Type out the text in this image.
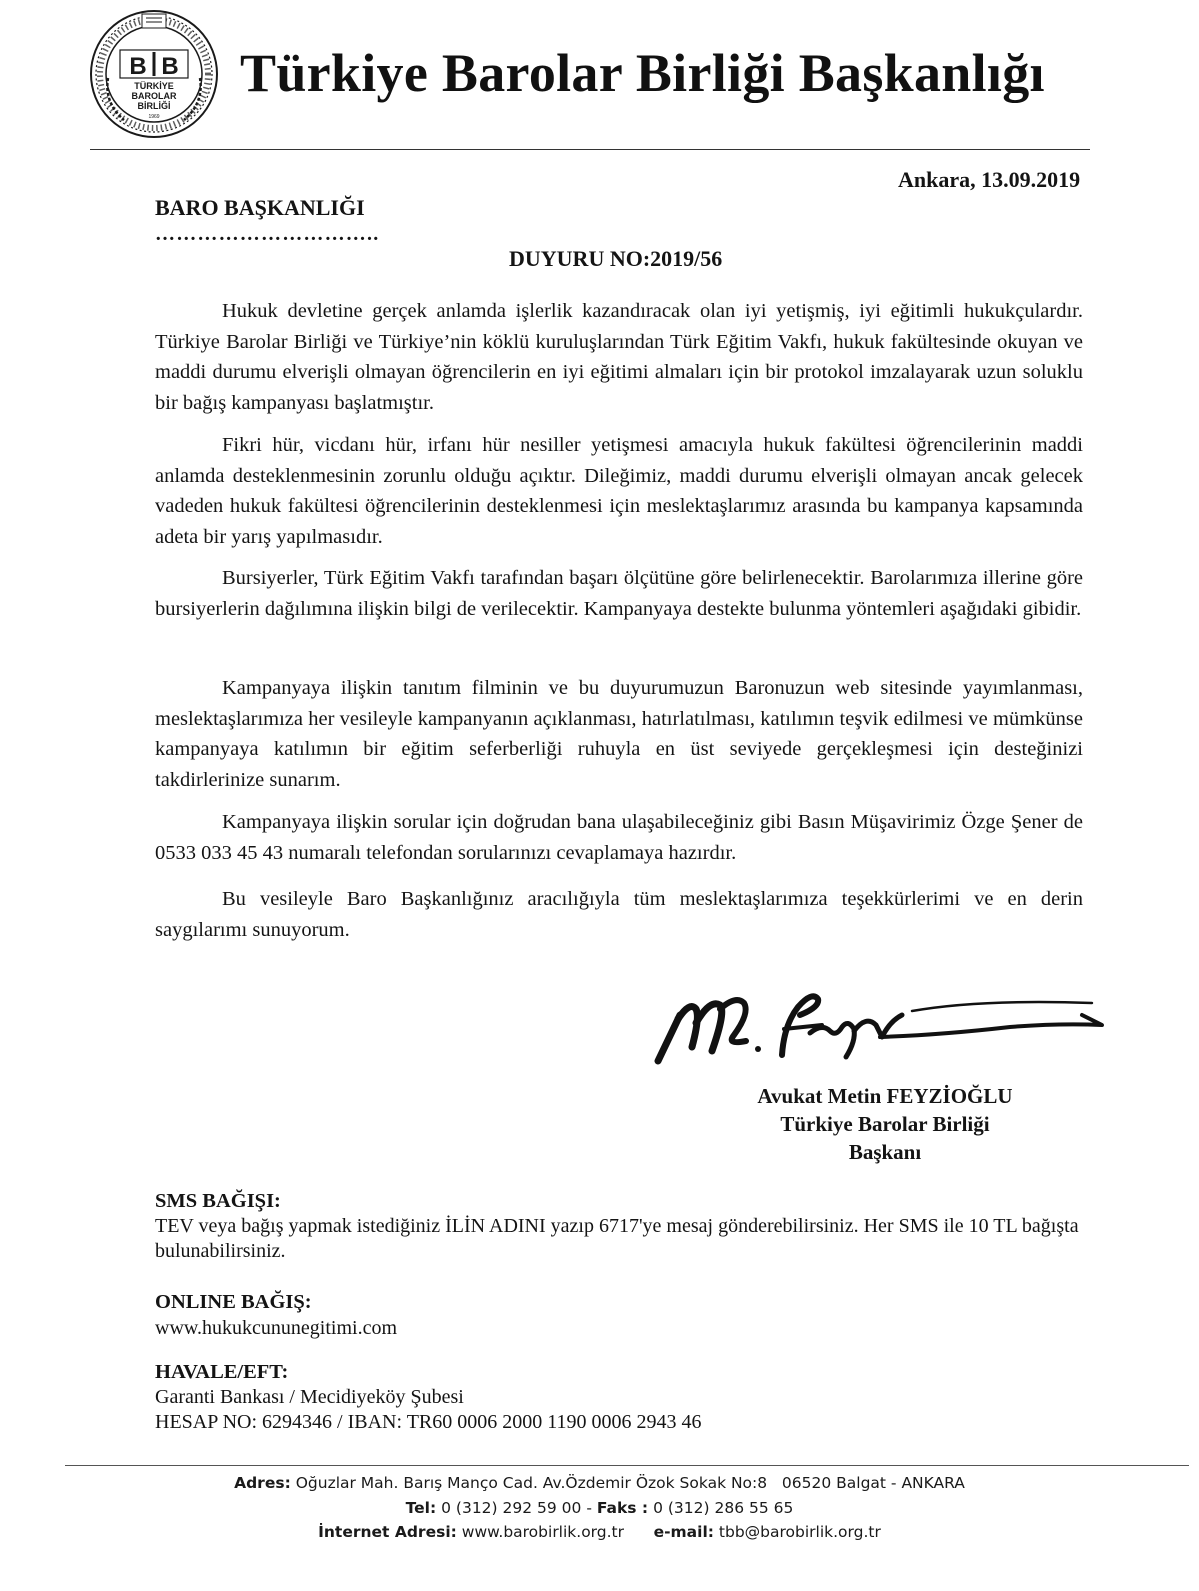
B B
TÜRKİYE
BAROLAR
BİRLİĞİ
1969
Türkiye Barolar Birliği Başkanlığı
Ankara, 13.09.2019
BARO BAŞKANLIĞI
…………………………..
DUYURU NO:2019/56

Hukuk devletine gerçek anlamda işlerlik kazandıracak olan iyi yetişmiş, iyi eğitimli hukukçulardır. Türkiye Barolar Birliği ve Türkiye’nin köklü kuruluşlarından Türk Eğitim Vakfı, hukuk fakültesinde okuyan ve maddi durumu elverişli olmayan öğrencilerin en iyi eğitimi almaları için bir protokol imzalayarak uzun soluklu bir bağış kampanyası başlatmıştır.

Fikri hür, vicdanı hür, irfanı hür nesiller yetişmesi amacıyla hukuk fakültesi öğrencilerinin maddi anlamda desteklenmesinin zorunlu olduğu açıktır. Dileğimiz, maddi durumu elverişli olmayan ancak gelecek vadeden hukuk fakültesi öğrencilerinin desteklenmesi için meslektaşlarımız arasında bu kampanya kapsamında adeta bir yarış yapılmasıdır.

Bursiyerler, Türk Eğitim Vakfı tarafından başarı ölçütüne göre belirlenecektir. Barolarımıza illerine göre bursiyerlerin dağılımına ilişkin bilgi de verilecektir. Kampanyaya destekte bulunma yöntemleri aşağıdaki gibidir.

Kampanyaya ilişkin tanıtım filminin ve bu duyurumuzun Baronuzun web sitesinde yayımlanması, meslektaşlarımıza her vesileyle kampanyanın açıklanması, hatırlatılması, katılımın teşvik edilmesi ve mümkünse kampanyaya katılımın bir eğitim seferberliği ruhuyla en üst seviyede gerçekleşmesi için desteğinizi takdirlerinize sunarım.

Kampanyaya ilişkin sorular için doğrudan bana ulaşabileceğiniz gibi Basın Müşavirimiz Özge Şener de 0533 033 45 43 numaralı telefondan sorularınızı cevaplamaya hazırdır.

Bu vesileyle Baro Başkanlığınız aracılığıyla tüm meslektaşlarımıza teşekkürlerimi ve en derin saygılarımı sunuyorum.

Avukat Metin FEYZİOĞLU
Türkiye Barolar Birliği
Başkanı
SMS BAĞIŞI:
TEV veya bağış yapmak istediğiniz İLİN ADINI yazıp 6717'ye mesaj gönderebilirsiniz. Her SMS ile 10 TL bağışta bulunabilirsiniz.
ONLINE BAĞIŞ:
www.hukukcununegitimi.com
HAVALE/EFT:
Garanti Bankası / Mecidiyeköy Şubesi
HESAP NO: 6294346 / IBAN: TR60 0006 2000 1190 0006 2943 46
Adres: Oğuzlar Mah. Barış Manço Cad. Av.Özdemir Özok Sokak No:8   06520 Balgat - ANKARA
Tel: 0 (312) 292 59 00 - Faks : 0 (312) 286 55 65
İnternet Adresi: www.barobirlik.org.tr e-mail: tbb@barobirlik.org.tr
